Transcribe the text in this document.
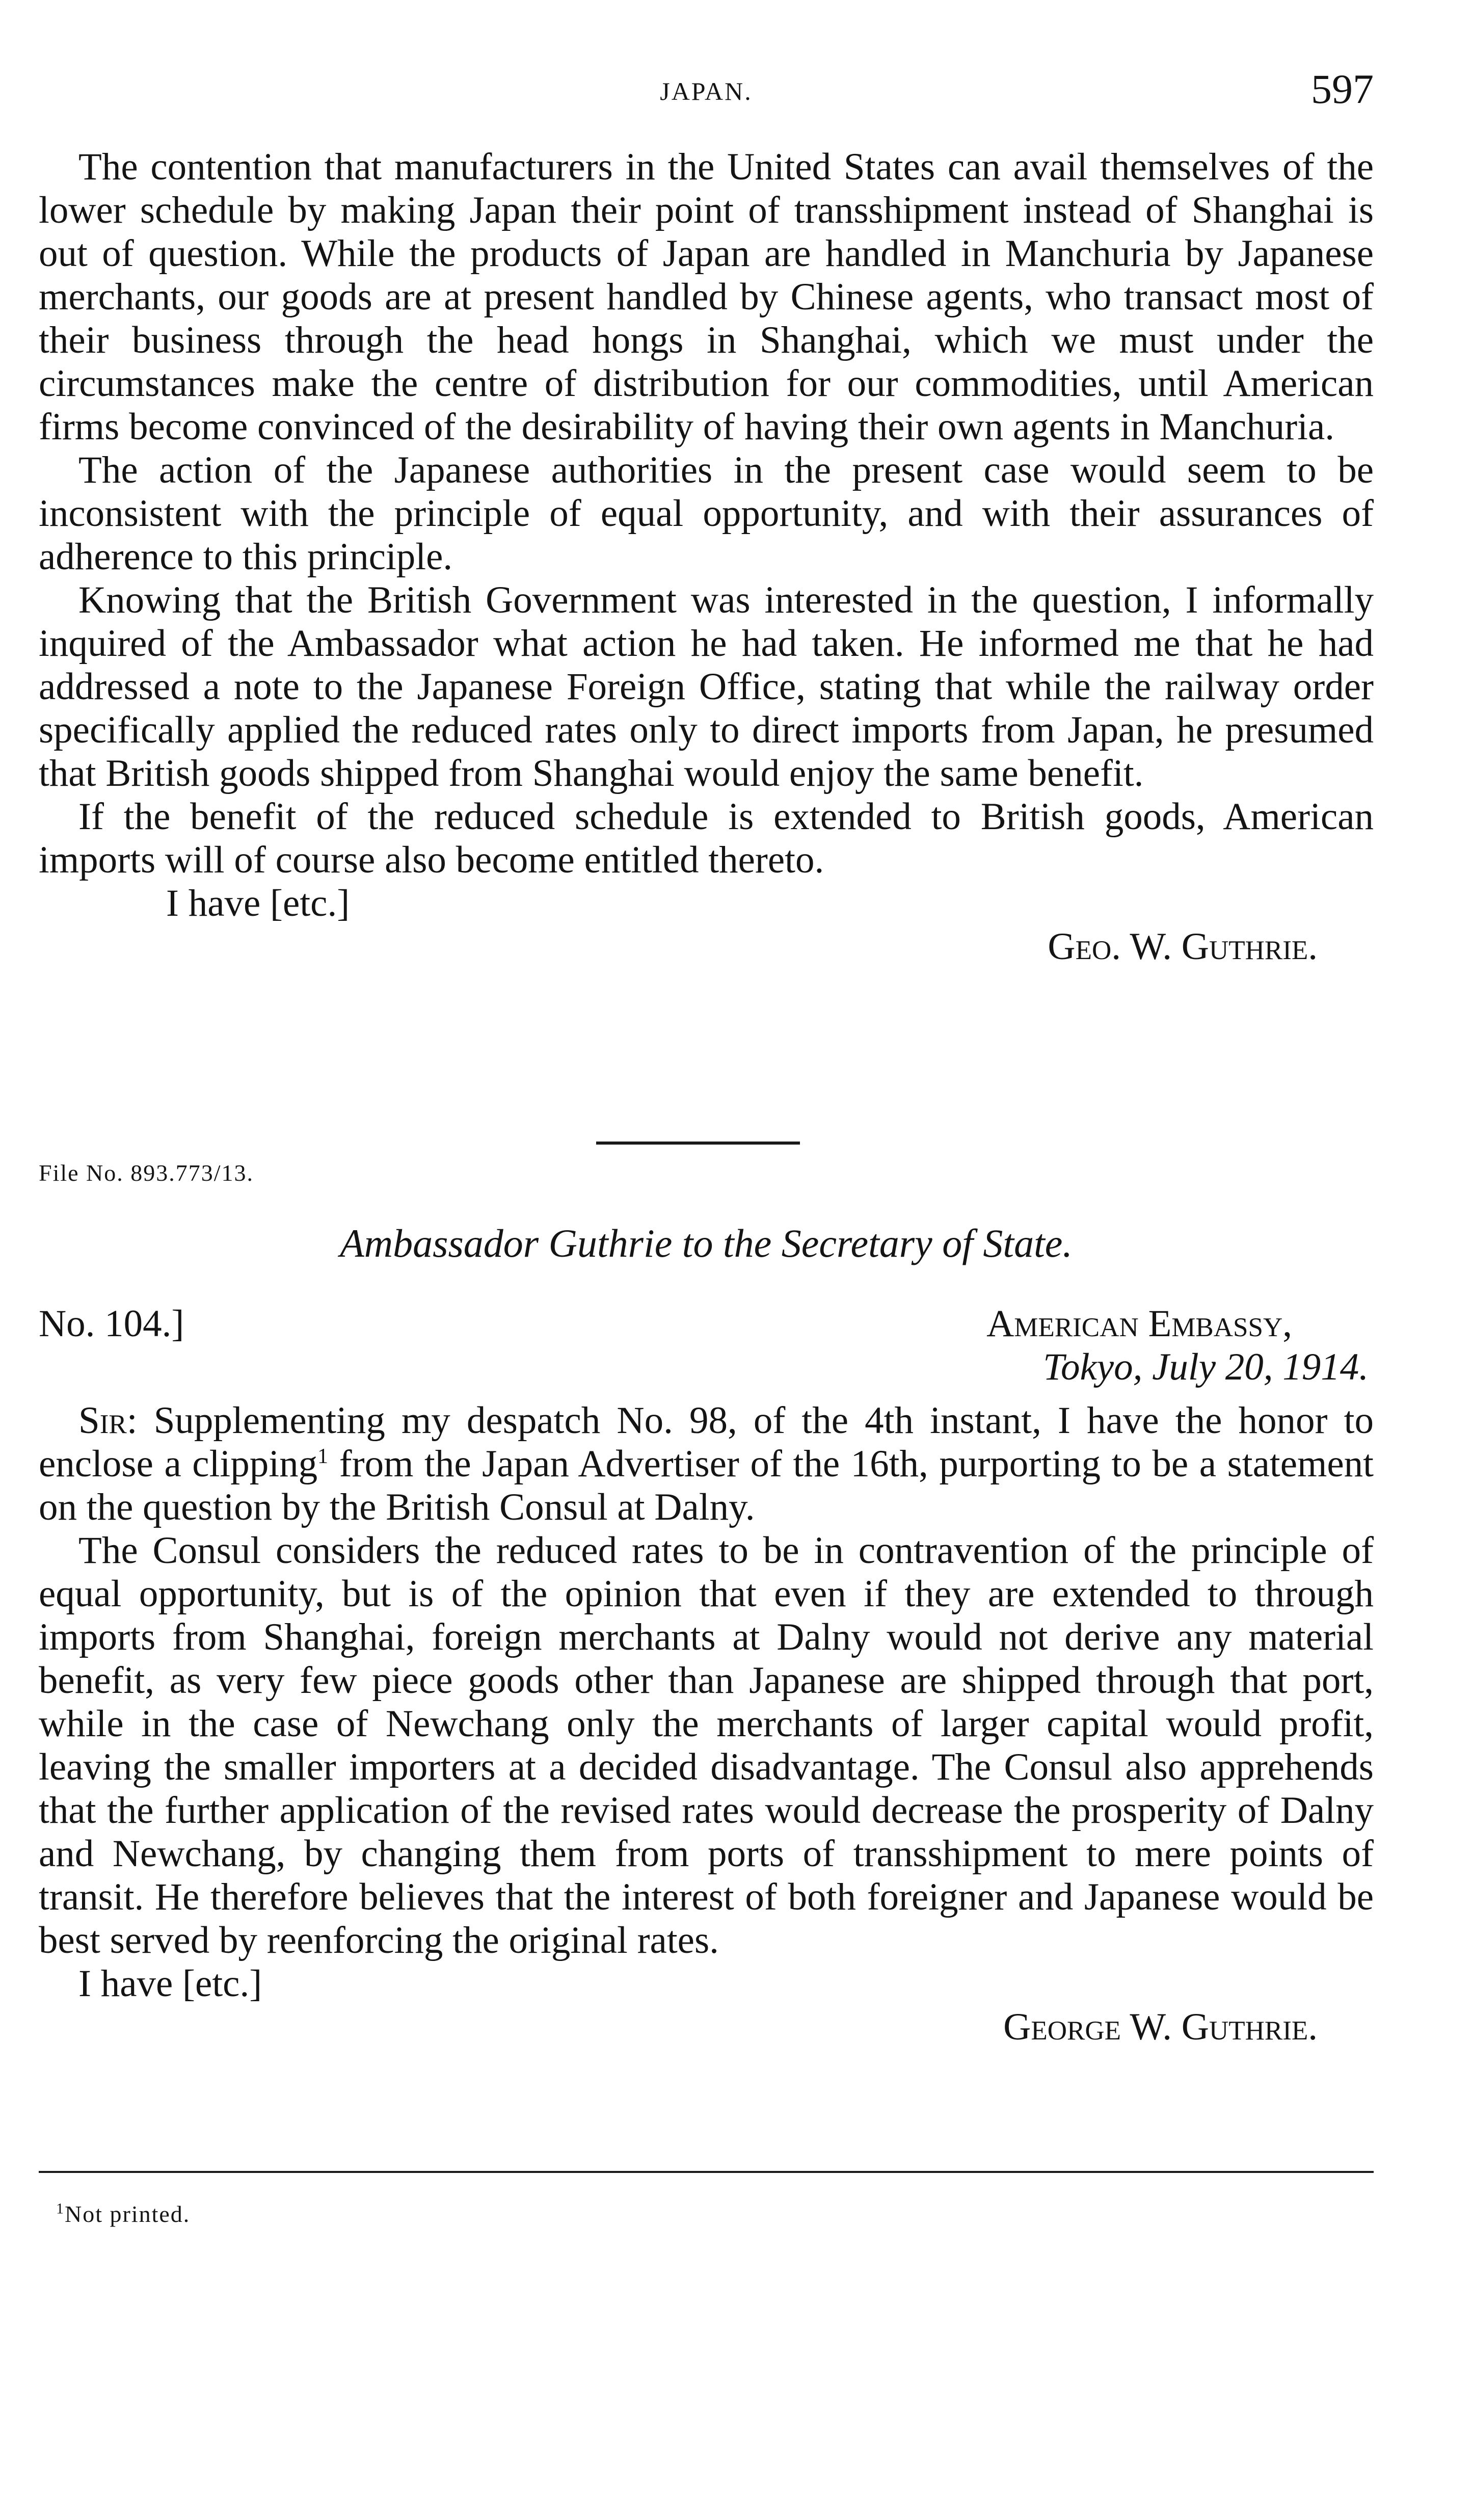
JAPAN.	597

The contention that manufacturers in the United States can avail themselves of the lower schedule by making Japan their point of transshipment instead of Shanghai is out of question. While the products of Japan are handled in Manchuria by Japanese merchants, our goods are at present handled by Chinese agents, who transact most of their business through the head hongs in Shanghai, which we must under the circumstances make the centre of distribution for our commodities, until American firms become convinced of the desirability of having their own agents in Manchuria.

The action of the Japanese authorities in the present case would seem to be inconsistent with the principle of equal opportunity, and with their assurances of adherence to this principle.

Knowing that the British Government was interested in the question, I informally inquired of the Ambassador what action he had taken. He informed me that he had addressed a note to the Japanese Foreign Office, stating that while the railway order specifically applied the reduced rates only to direct imports from Japan, he presumed that British goods shipped from Shanghai would enjoy the same benefit.

If the benefit of the reduced schedule is extended to British goods, American imports will of course also become entitled thereto.

I have [etc.]
Geo. W. Guthrie.
File No. 893.773/13.
Ambassador Guthrie to the Secretary of State.
No. 104.]	American Embassy,
Tokyo, July 20, 1914.

Sir: Supplementing my despatch No. 98, of the 4th instant, I have the honor to enclose a clipping$^1$ from the Japan Advertiser of the 16th, purporting to be a statement on the question by the British Consul at Dalny.

The Consul considers the reduced rates to be in contravention of the principle of equal opportunity, but is of the opinion that even if they are extended to through imports from Shanghai, foreign merchants at Dalny would not derive any material benefit, as very few piece goods other than Japanese are shipped through that port, while in the case of Newchang only the merchants of larger capital would profit, leaving the smaller importers at a decided disadvantage. The Consul also apprehends that the further application of the revised rates would decrease the prosperity of Dalny and Newchang, by changing them from ports of transshipment to mere points of transit. He therefore believes that the interest of both foreigner and Japanese would be best served by reenforcing the original rates.

I have [etc.]
George W. Guthrie.
$^1$Not printed.
